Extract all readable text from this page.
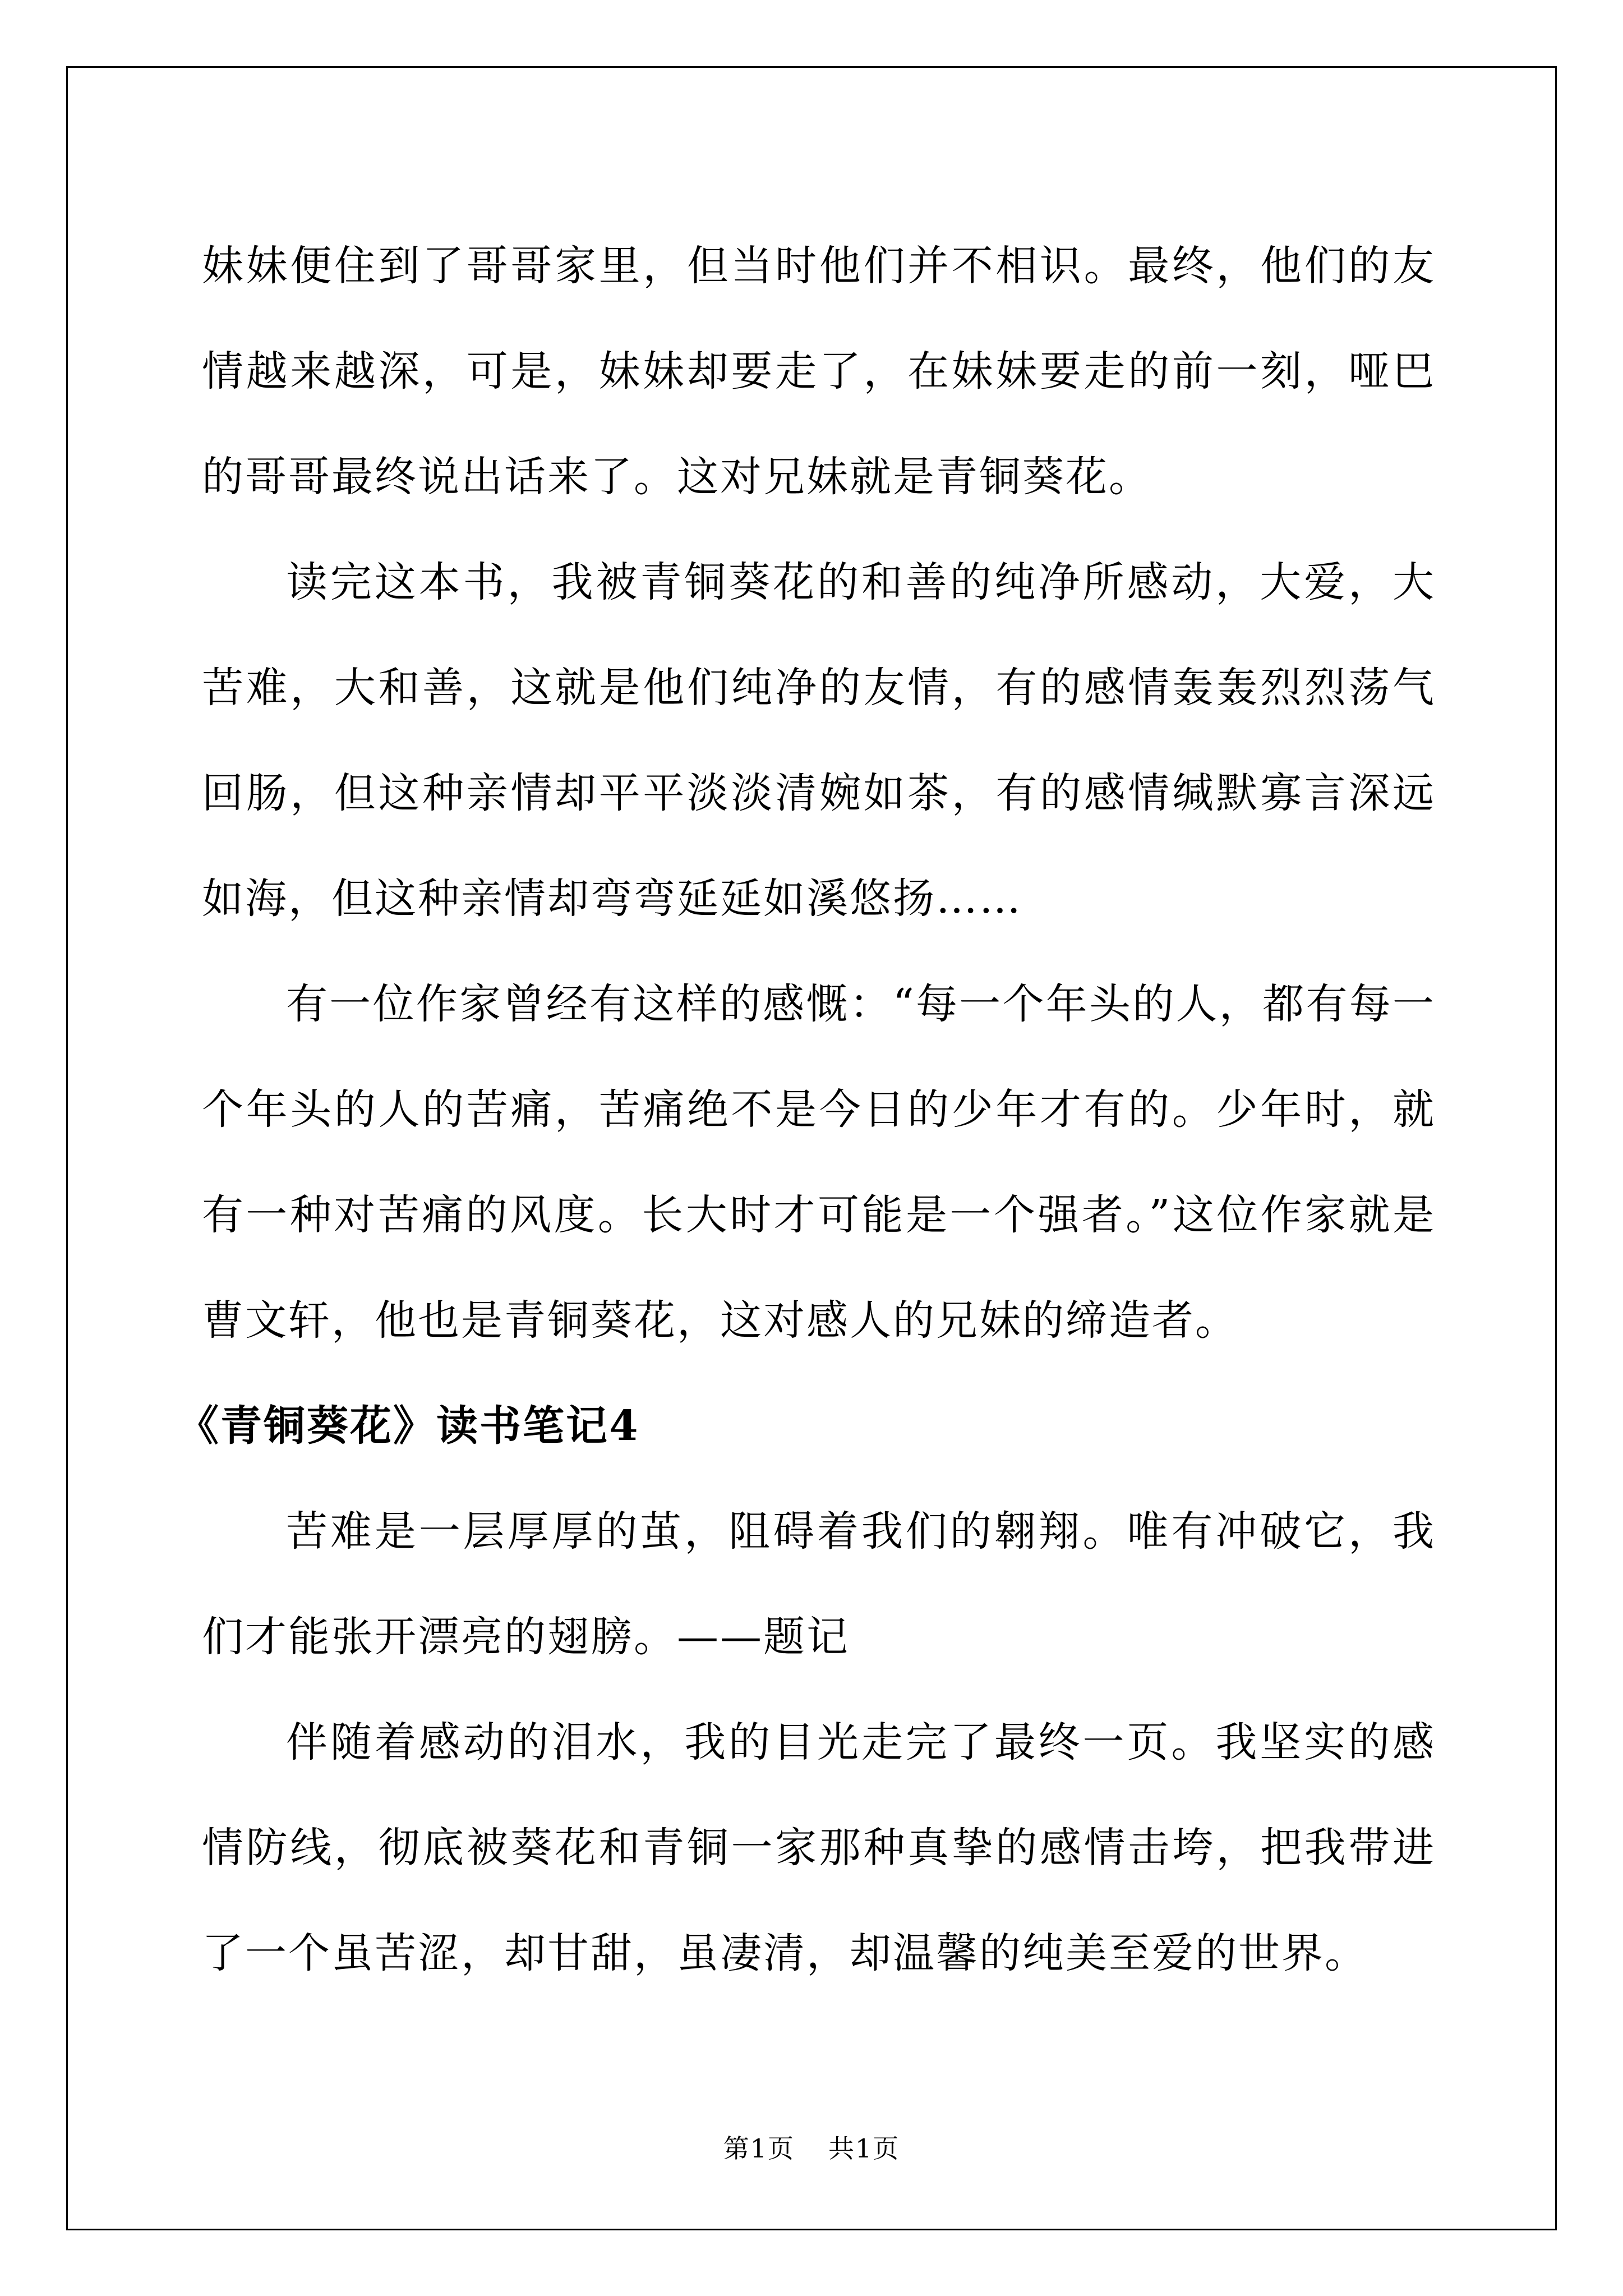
妹妹便住到了哥哥家里，但当时他们并不相识。最终，他们的友情越来越深，可是，妹妹却要走了，在妹妹要走的前一刻，哑巴的哥哥最终说出话来了。这对兄妹就是青铜葵花。

读完这本书，我被青铜葵花的和善的纯净所感动，大爱，大苦难，大和善，这就是他们纯净的友情，有的感情轰轰烈烈荡气回肠，但这种亲情却平平淡淡清婉如茶，有的感情缄默寡言深远如海，但这种亲情却弯弯延延如溪悠扬……

有一位作家曾经有这样的感慨：“每一个年头的人，都有每一个年头的人的苦痛，苦痛绝不是今日的少年才有的。少年时，就有一种对苦痛的风度。长大时才可能是一个强者。”这位作家就是曹文轩，他也是青铜葵花，这对感人的兄妹的缔造者。

《青铜葵花》读书笔记4

苦难是一层厚厚的茧，阻碍着我们的翱翔。唯有冲破它，我们才能张开漂亮的翅膀。——题记

伴随着感动的泪水，我的目光走完了最终一页。我坚实的感情防线，彻底被葵花和青铜一家那种真挚的感情击垮，把我带进了一个虽苦涩，却甘甜，虽凄清，却温馨的纯美至爱的世界。

第1页 共1页
